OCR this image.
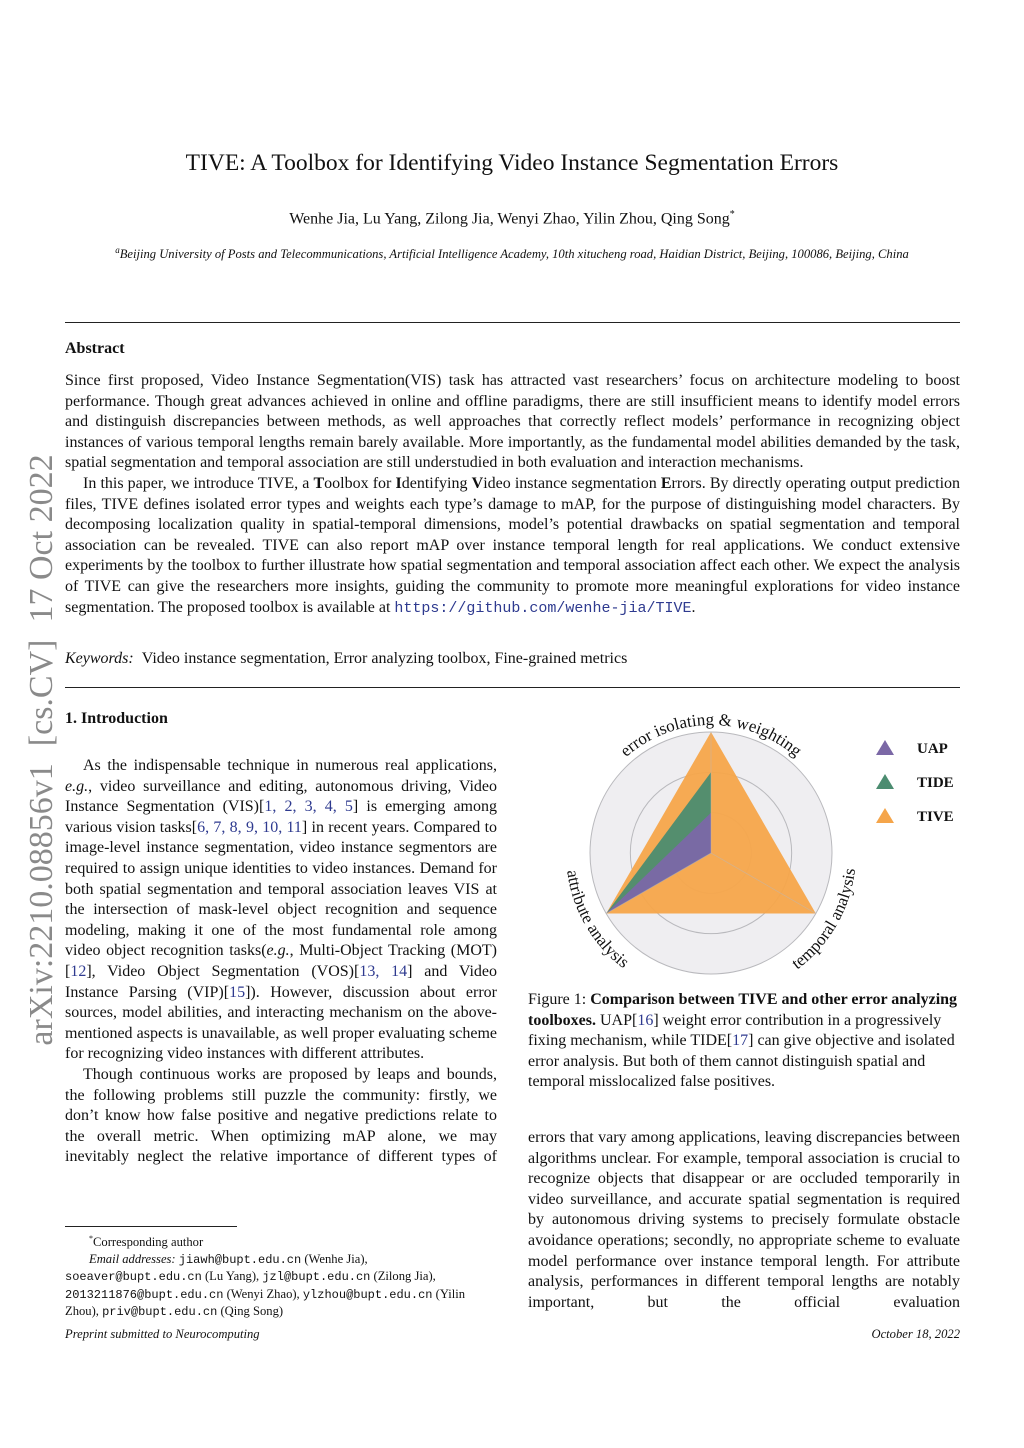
arXiv:2210.08856v1  [cs.CV]  17 Oct 2022
TIVE: A Toolbox for Identifying Video Instance Segmentation Errors
Wenhe Jia, Lu Yang, Zilong Jia, Wenyi Zhao, Yilin Zhou, Qing Song*
$^a$Beijing University of Posts and Telecommunications, Artificial Intelligence Academy, 10th xitucheng road, Haidian District, Beijing, 100086, Beijing, China
Abstract

Since first proposed, Video Instance Segmentation(VIS) task has attracted vast researchers’ focus on architecture modeling to boost performance. Though great advances achieved in online and offline paradigms, there are still insufficient means to identify model errors and distinguish discrepancies between methods, as well approaches that correctly reflect models’ performance in recognizing object instances of various temporal lengths remain barely available. More importantly, as the fundamental model abilities demanded by the task, spatial segmentation and temporal association are still understudied in both evaluation and interaction mechanisms.

In this paper, we introduce TIVE, a Toolbox for Identifying Video instance segmentation Errors. By directly operating output prediction files, TIVE defines isolated error types and weights each type’s damage to mAP, for the purpose of distinguishing model characters. By decomposing localization quality in spatial-temporal dimensions, model’s potential drawbacks on spatial segmentation and temporal association can be revealed. TIVE can also report mAP over instance temporal length for real applications. We conduct extensive experiments by the toolbox to further illustrate how spatial segmentation and temporal association affect each other. We expect the analysis of TIVE can give the researchers more insights, guiding the community to promote more meaningful explorations for video instance segmentation. The proposed toolbox is available at https://github.com/wenhe-jia/TIVE.

Keywords: Video instance segmentation, Error analyzing toolbox, Fine-grained metrics
1. Introduction

As the indispensable technique in numerous real applications, e.g., video surveillance and editing, autonomous driving, Video Instance Segmentation (VIS)[1, 2, 3, 4, 5] is emerging among various vision tasks[6, 7, 8, 9, 10, 11] in recent years. Compared to image-level instance segmentation, video instance segmentors are required to assign unique identities to video instances. Demand for both spatial segmentation and temporal association leaves VIS at the intersection of mask-level object recognition and sequence modeling, making it one of the most fundamental role among video object recognition tasks(e.g., Multi-Object Tracking (MOT)[12], Video Object Segmentation (VOS)[13, 14] and Video Instance Parsing (VIP)[15]). However, discussion about error sources, model abilities, and interacting mechanism on the above-mentioned aspects is unavailable, as well proper evaluating scheme for recognizing video instances with different attributes.

Though continuous works are proposed by leaps and bounds, the following problems still puzzle the community: firstly, we don’t know how false positive and negative predictions relate to the overall metric. When optimizing mAP alone, we may inevitably neglect the relative importance of different types of

error isolating & weighting
temporal analysis
attribute analysis
UAP
TIDE
TIVE
Figure 1: Comparison between TIVE and other error analyzing toolboxes. UAP[16] weight error contribution in a progressively fixing mechanism, while TIDE[17] can give objective and isolated error analysis. But both of them cannot distinguish spatial and temporal misslocalized false positives.

errors that vary among applications, leaving discrepancies between algorithms unclear. For example, temporal association is crucial to recognize objects that disappear or are occluded temporarily in video surveillance, and accurate spatial segmentation is required by autonomous driving systems to precisely formulate obstacle avoidance operations; secondly, no appropriate scheme to evaluate model performance over instance temporal length. For attribute analysis, performances in different temporal lengths are notably important, but the official evaluation

*Corresponding author
Email addresses: jiawh@bupt.edu.cn (Wenhe Jia), soeaver@bupt.edu.cn (Lu Yang), jzl@bupt.edu.cn (Zilong Jia), 2013211876@bupt.edu.cn (Wenyi Zhao), ylzhou@bupt.edu.cn (Yilin Zhou), priv@bupt.edu.cn (Qing Song)
Preprint submitted to Neurocomputing	October 18, 2022
